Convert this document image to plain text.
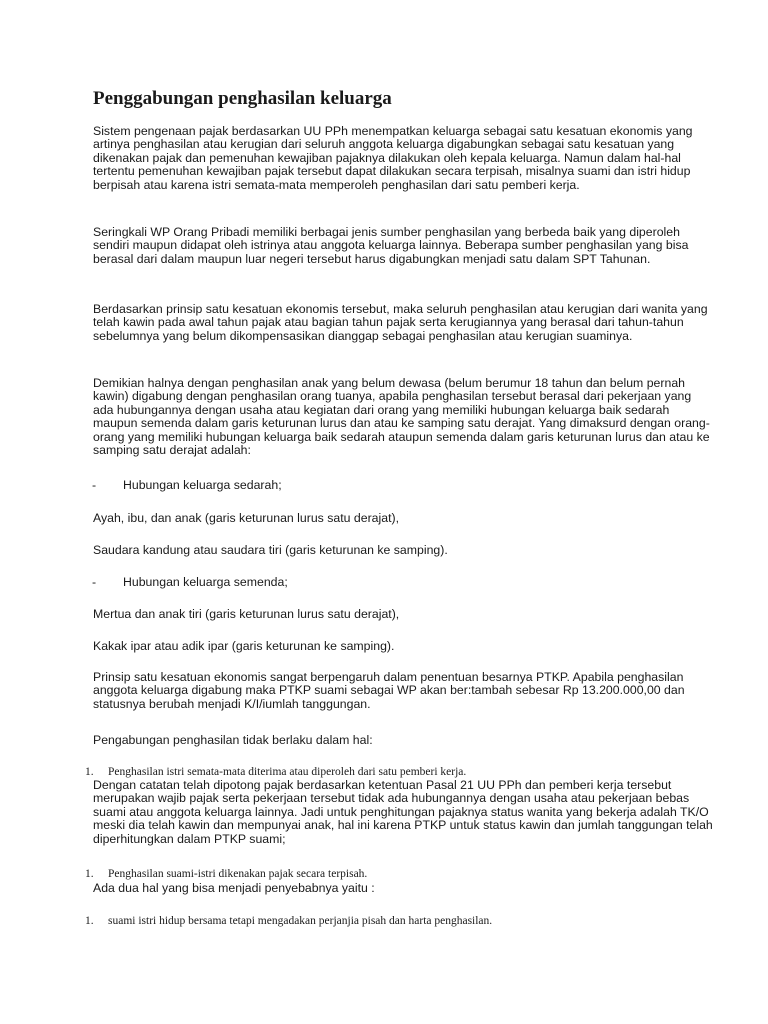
Penggabungan penghasilan keluarga

Sistem pengenaan pajak berdasarkan UU PPh menempatkan keluarga sebagai satu kesatuan ekonomis yang artinya penghasilan atau kerugian dari seluruh anggota keluarga digabungkan sebagai satu kesatuan yang dikenakan pajak dan pemenuhan kewajiban pajaknya dilakukan oleh kepala keluarga. Namun dalam hal-hal tertentu pemenuhan kewajiban pajak tersebut dapat dilakukan secara terpisah, misalnya suami dan istri hidup berpisah atau karena istri semata-mata memperoleh penghasilan dari satu pemberi kerja.

Seringkali WP Orang Pribadi memiliki berbagai jenis sumber penghasilan yang berbeda baik yang diperoleh sendiri maupun didapat oleh istrinya atau anggota keluarga lainnya. Beberapa sumber penghasilan yang bisa berasal dari dalam maupun luar negeri tersebut harus digabungkan menjadi satu dalam SPT Tahunan.

Berdasarkan prinsip satu kesatuan ekonomis tersebut, maka seluruh penghasilan atau kerugian dari wanita yang telah kawin pada awal tahun pajak atau bagian tahun pajak serta kerugiannya yang berasal dari tahun-tahun sebelumnya yang belum dikompensasikan dianggap sebagai penghasilan atau kerugian suaminya.

Demikian halnya dengan penghasilan anak yang belum dewasa (belum berumur 18 tahun dan belum pernah kawin) digabung dengan penghasilan orang tuanya, apabila penghasilan tersebut berasal dari pekerjaan yang ada hubungannya dengan usaha atau kegiatan dari orang yang memiliki hubungan keluarga baik sedarah maupun semenda dalam garis keturunan lurus dan atau ke samping satu derajat. Yang dimaksurd dengan orang-orang yang memiliki hubungan keluarga baik sedarah ataupun semenda dalam garis keturunan lurus dan atau ke samping satu derajat adalah:

- Hubungan keluarga sedarah;
Ayah, ibu, dan anak (garis keturunan lurus satu derajat),
Saudara kandung atau saudara tiri (garis keturunan ke samping).
- Hubungan keluarga semenda;
Mertua dan anak tiri (garis keturunan lurus satu derajat),
Kakak ipar atau adik ipar (garis keturunan ke samping).

Prinsip satu kesatuan ekonomis sangat berpengaruh dalam penentuan besarnya PTKP. Apabila penghasilan anggota keluarga digabung maka PTKP suami sebagai WP akan ber:tambah sebesar Rp 13.200.000,00 dan statusnya berubah menjadi K/I/iumlah tanggungan.

Pengabungan penghasilan tidak berlaku dalam hal:
1. Penghasilan istri semata-mata diterima atau diperoleh dari satu pemberi kerja.

Dengan catatan telah dipotong pajak berdasarkan ketentuan Pasal 21 UU PPh dan pemberi kerja tersebut merupakan wajib pajak serta pekerjaan tersebut tidak ada hubungannya dengan usaha atau pekerjaan bebas suami atau anggota keluarga lainnya. Jadi untuk penghitungan pajaknya status wanita yang bekerja adalah TK/O meski dia telah kawin dan mempunyai anak, hal ini karena PTKP untuk status kawin dan jumlah tanggungan telah diperhitungkan dalam PTKP suami;

1. Penghasilan suami-istri dikenakan pajak secara terpisah.
Ada dua hal yang bisa menjadi penyebabnya yaitu :
1. suami istri hidup bersama tetapi mengadakan perjanjia pisah dan harta penghasilan.
